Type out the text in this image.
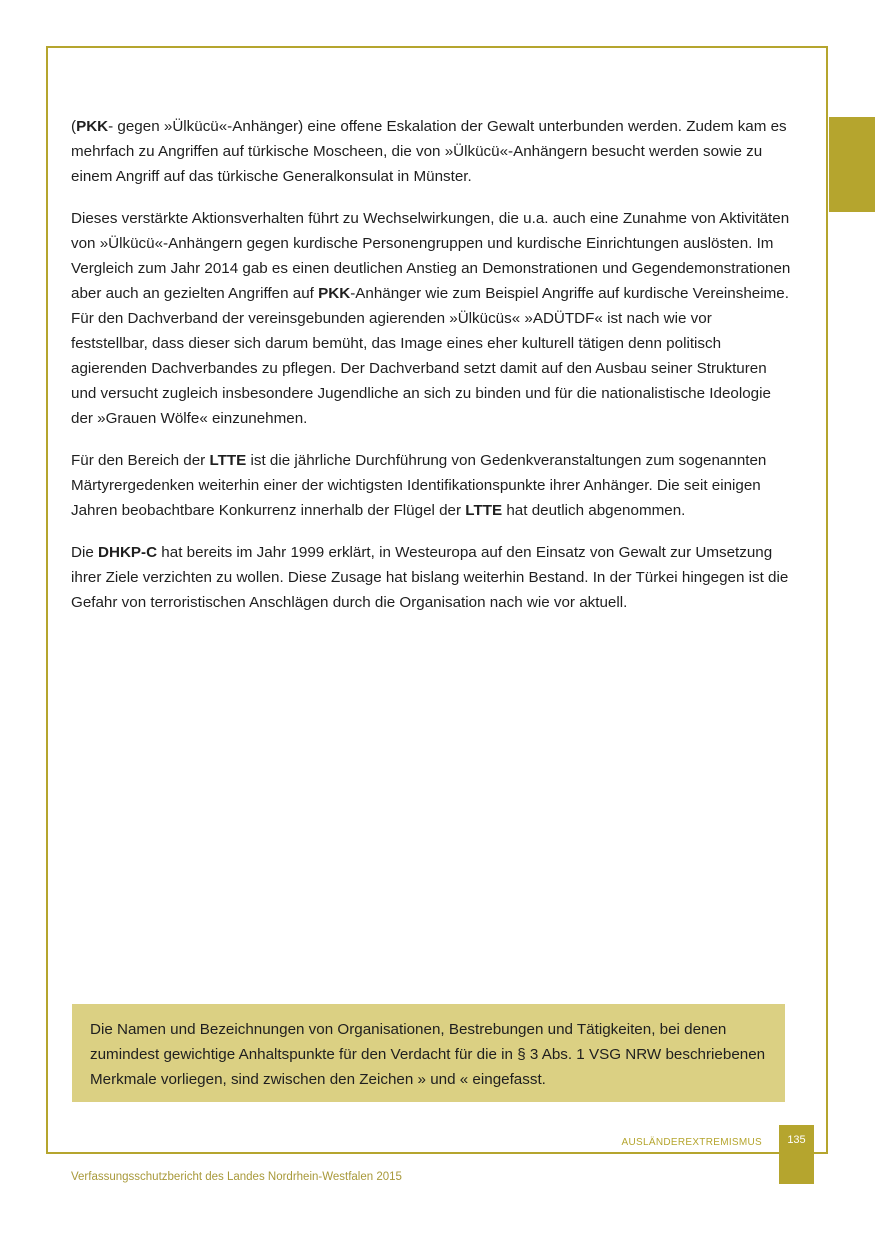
(PKK- gegen »Ülkücü«-Anhänger) eine offene Eskalation der Gewalt unterbunden werden. Zudem kam es mehrfach zu Angriffen auf türkische Moscheen, die von »Ülkücü«-Anhängern besucht werden sowie zu einem Angriff auf das türkische Generalkonsulat in Münster.

Dieses verstärkte Aktionsverhalten führt zu Wechselwirkungen, die u.a. auch eine Zunahme von Aktivitäten von »Ülkücü«-Anhängern gegen kurdische Personengruppen und kurdische Einrichtungen auslösten. Im Vergleich zum Jahr 2014 gab es einen deutlichen Anstieg an Demonstrationen und Gegendemonstrationen aber auch an gezielten Angriffen auf PKK-Anhänger wie zum Beispiel Angriffe auf kurdische Vereinsheime. Für den Dachverband der vereinsgebunden agierenden »Ülkücüs« »ADÜTDF« ist nach wie vor feststellbar, dass dieser sich darum bemüht, das Image eines eher kulturell tätigen denn politisch agierenden Dachverbandes zu pflegen. Der Dachverband setzt damit auf den Ausbau seiner Strukturen und versucht zugleich insbesondere Jugendliche an sich zu binden und für die nationalistische Ideologie der »Grauen Wölfe« einzunehmen.

Für den Bereich der LTTE ist die jährliche Durchführung von Gedenkveranstaltungen zum sogenannten Märtyrergedenken weiterhin einer der wichtigsten Identifikationspunkte ihrer Anhänger. Die seit einigen Jahren beobachtbare Konkurrenz innerhalb der Flügel der LTTE hat deutlich abgenommen.

Die DHKP-C hat bereits im Jahr 1999 erklärt, in Westeuropa auf den Einsatz von Gewalt zur Umsetzung ihrer Ziele verzichten zu wollen. Diese Zusage hat bislang weiterhin Bestand. In der Türkei hingegen ist die Gefahr von terroristischen Anschlägen durch die Organisation nach wie vor aktuell.

Die Namen und Bezeichnungen von Organisationen, Bestrebungen und Tätigkeiten, bei denen zumindest gewichtige Anhaltspunkte für den Verdacht für die in § 3 Abs. 1 VSG NRW beschriebenen Merkmale vorliegen, sind zwischen den Zeichen » und « eingefasst.
AUSLÄNDEREXTREMISMUS	135
Verfassungsschutzbericht des Landes Nordrhein-Westfalen 2015
